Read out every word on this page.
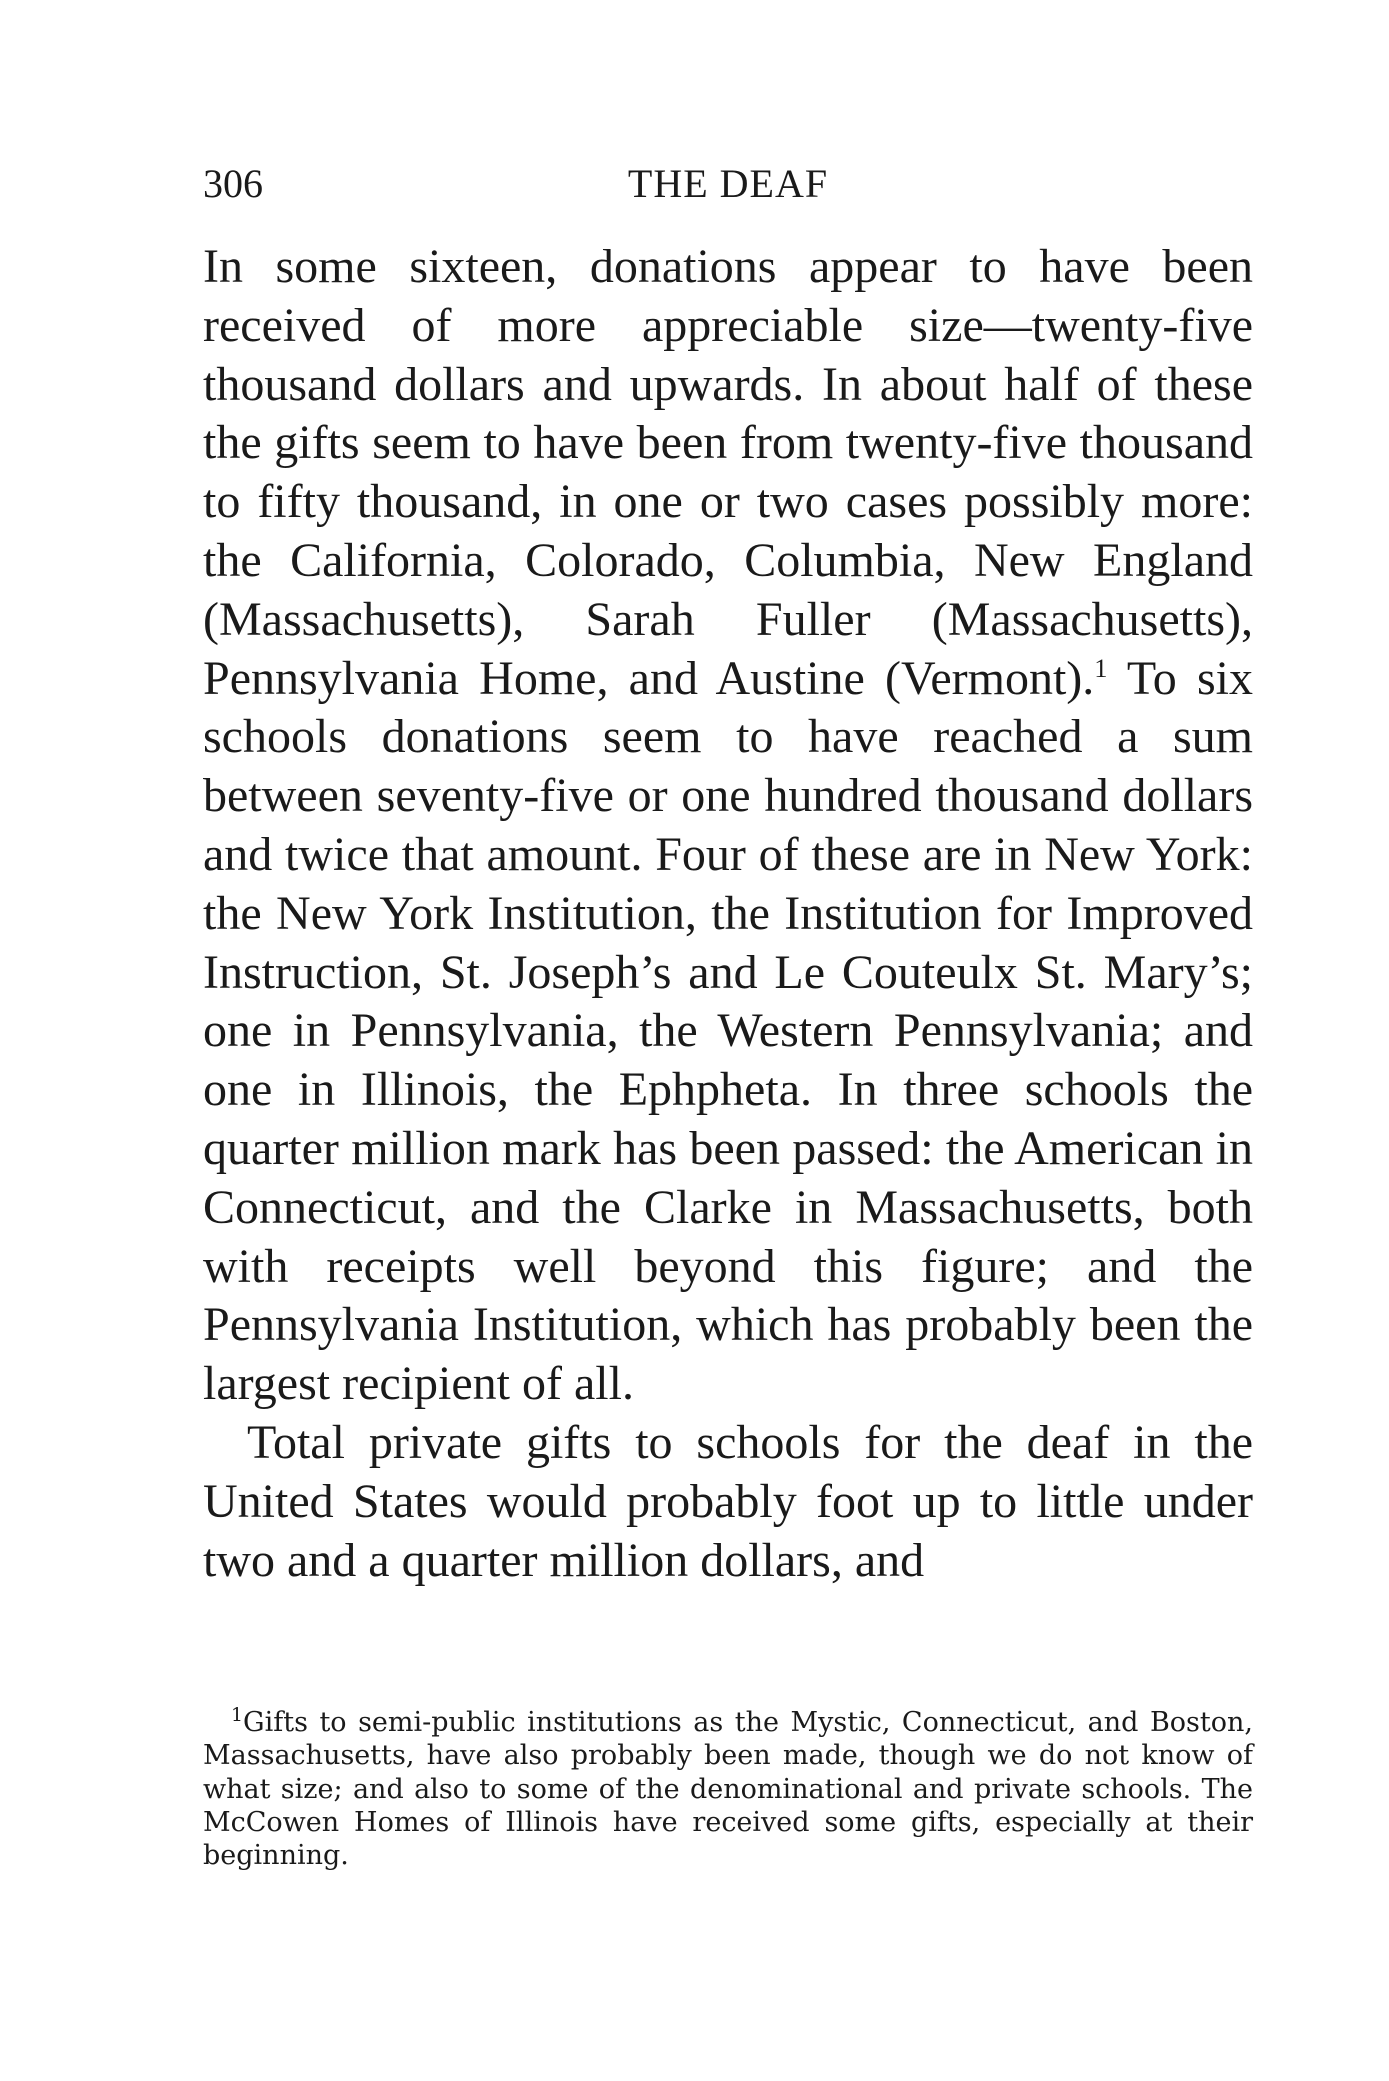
306	THE DEAF

In some sixteen, donations appear to have been received of more appreciable size—twenty-five thousand dollars and upwards. In about half of these the gifts seem to have been from twenty-five thousand to fifty thousand, in one or two cases possibly more: the California, Colorado, Columbia, New England (Massachusetts), Sarah Fuller (Massachusetts), Pennsylvania Home, and Austine (Vermont).$^1$ To six schools donations seem to have reached a sum between seventy-five or one hundred thousand dollars and twice that amount. Four of these are in New York: the New York Institution, the Institution for Improved Instruction, St. Joseph’s and Le Couteulx St. Mary’s; one in Pennsylvania, the Western Pennsylvania; and one in Illinois, the Ephpheta. In three schools the quarter million mark has been passed: the American in Connecticut, and the Clarke in Massachusetts, both with receipts well beyond this figure; and the Pennsylvania Institution, which has probably been the largest recipient of all.

Total private gifts to schools for the deaf in the United States would probably foot up to little under two and a quarter million dollars, and

$^1$Gifts to semi-public institutions as the Mystic, Connecticut, and Boston, Massachusetts, have also probably been made, though we do not know of what size; and also to some of the denominational and private schools. The McCowen Homes of Illinois have received some gifts, especially at their beginning.
